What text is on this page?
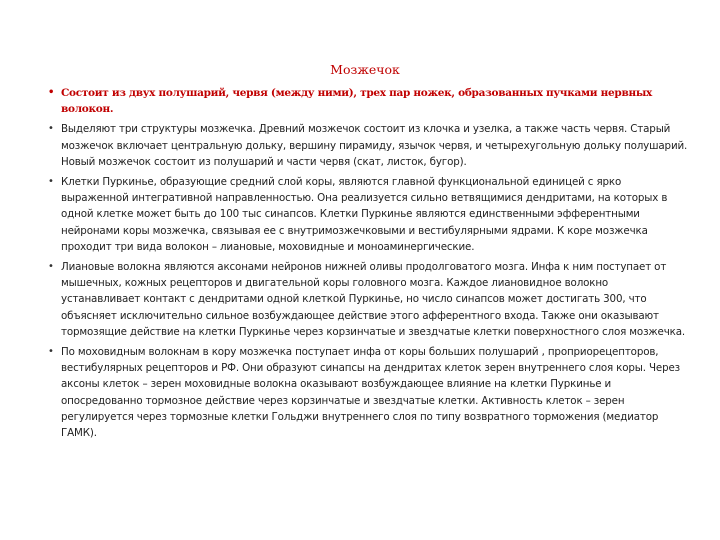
Мозжечок
• Состоит из двух полушарий, червя (между ними), трех пар ножек, образованных пучками нервных волокон.
• Выделяют три структуры мозжечка. Древний мозжечок состоит из клочка и узелка, а также часть червя. Старый мозжечок включает центральную дольку, вершину пирамиду, язычок червя, и четырехугольную дольку полушарий. Новый мозжечок состоит из полушарий и части червя (скат, листок, бугор).
• Клетки Пуркинье, образующие средний слой коры, являются главной функциональной единицей с ярко выраженной интегративной направленностью. Она реализуется сильно ветвящимися дендритами, на которых в одной клетке может быть до 100 тыс синапсов. Клетки Пуркинье являются единственными эфферентными нейронами коры мозжечка, связывая ее с внутримозжечковыми и вестибулярными ядрами. К коре мозжечка проходит три вида волокон – лиановые, моховидные и моноаминергические.
• Лиановые волокна являются аксонами нейронов нижней оливы продолговатого мозга. Инфа к ним поступает от мышечных, кожных рецепторов и двигательной коры головного мозга. Каждое лиановидное волокно устанавливает контакт с дендритами одной клеткой Пуркинье, но число синапсов может достигать 300, что объясняет исключительно сильное возбуждающее действие этого афферентного входа. Также они оказывают тормозящие действие на клетки Пуркинье через корзинчатые и звездчатые клетки поверхностного слоя мозжечка.
• По моховидным волокнам в кору мозжечка поступает инфа от коры больших полушарий , проприорецепторов, вестибулярных рецепторов и РФ. Они образуют синапсы на дендритах клеток зерен внутреннего слоя коры. Через аксоны клеток – зерен моховидные волокна оказывают возбуждающее влияние на клетки Пуркинье и опосредованно тормозное действие через корзинчатые и звездчатые клетки. Активность клеток – зерен регулируется через тормозные клетки Гольджи внутреннего слоя по типу возвратного торможения (медиатор ГАМК).
